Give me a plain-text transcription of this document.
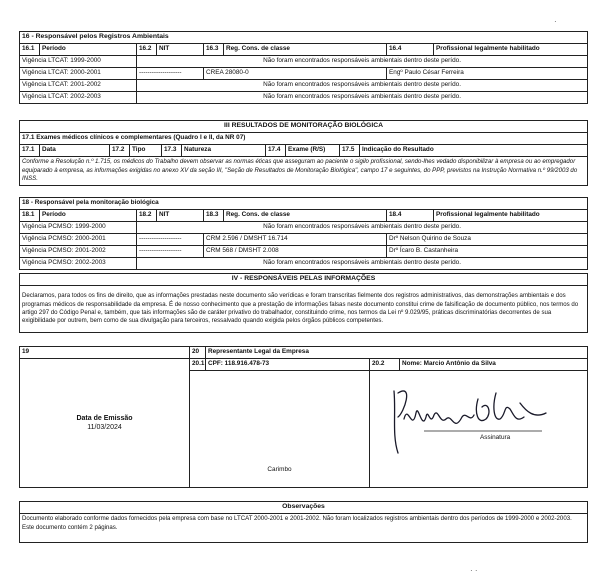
16 - Responsável pelos Registros Ambientais							
16.1	Período	16.2	NIT	16.3	Reg. Cons. de classe	16.4	Profissional legalmente habilitado
Vigência LTCAT: 1999-2000		Não foram encontrados responsáveis ambientais dentro deste perído.					
Vigência LTCAT: 2000-2001		--------------------		CREA 28080-0		Engº Paulo César Ferreira	
Vigência LTCAT: 2001-2002		Não foram encontrados responsáveis ambientais dentro deste perído.					
Vigência LTCAT: 2002-2003		Não foram encontrados responsáveis ambientais dentro deste perído.					
III RESULTADOS DE MONITORAÇÃO BIOLÓGICA
17.1 Exames médicos clínicos e complementares (Quadro I e II, da NR 07)
17.1	Data	17.2	Tipo	17.3	Natureza	17.4	Exame (R/S)	17.5	Indicação do Resultado
Conforme a Resolução n.º 1.715, os médicos do Trabalho devem observar as normas éticas que asseguram ao paciente o sigilo profissional, sendo-lhes vedado disponibilizar à empresa ou ao empregador equiparado à empresa, as informações exigidas no anexo XV da seção III, "Seção de Resultados de Monitoração Biológica", campo 17 e seguintes, do PPP, previstos na Instrução Normativa n.º 99/2003 do INSS.
18 - Responsável pela monitoração biológica							
18.1	Período	18.2	NIT	18.3	Reg. Cons. de classe	18.4	Profissional legalmente habilitado
Vigência PCMSO: 1999-2000		Não foram encontrados responsáveis ambientais dentro deste perído.					
Vigência PCMSO: 2000-2001		--------------------		CRM 2.596 / DMSHT 16.714		Drº Nelson Quirino de Souza	
Vigência PCMSO: 2001-2002		--------------------		CRM 568 / DMSHT 2.008		Drº Ícaro B. Castanheira	
Vigência PCMSO: 2002-2003		Não foram encontrados responsáveis ambientais dentro deste perído.					
IV - RESPONSÁVEIS PELAS INFORMAÇÕES
Declaramos, para todos os fins de direito, que as informações prestadas neste documento são verídicas e foram transcritas fielmente dos registros administrativos, das demonstrações ambientais e dos programas médicos de responsabilidade da empresa. É de nosso conhecimento que a prestação de informações falsas neste documento constitui crime de falsificação de documento público, nos termos do artigo 297 do Código Penal e, também, que tais informações são de caráter privativo do trabalhador, constituindo crime, nos termos da Lei nº 9.029/95, práticas discriminatórias decorrentes de sua exigibilidade por outrem, bem como de sua divulgação para terceiros, ressalvado quando exigida pelos órgãos públicos competentes.
19	20	Representante Legal da Empresa		

Data de Emissão
11/03/2024	20.1	CPF: 118.916.478-73	20.2	Nome: Marcio Antônio da Silva
	Carimbo		Assinatura	
Observações

Documento elaborado conforme dados fornecidos pela empresa com base no LTCAT 2000-2001 e 2001-2002. Não foram localizados registros ambientais dentro dos períodos de 1999-2000 e 2002-2003.
Este documento contém 2 páginas.
·
· ·
